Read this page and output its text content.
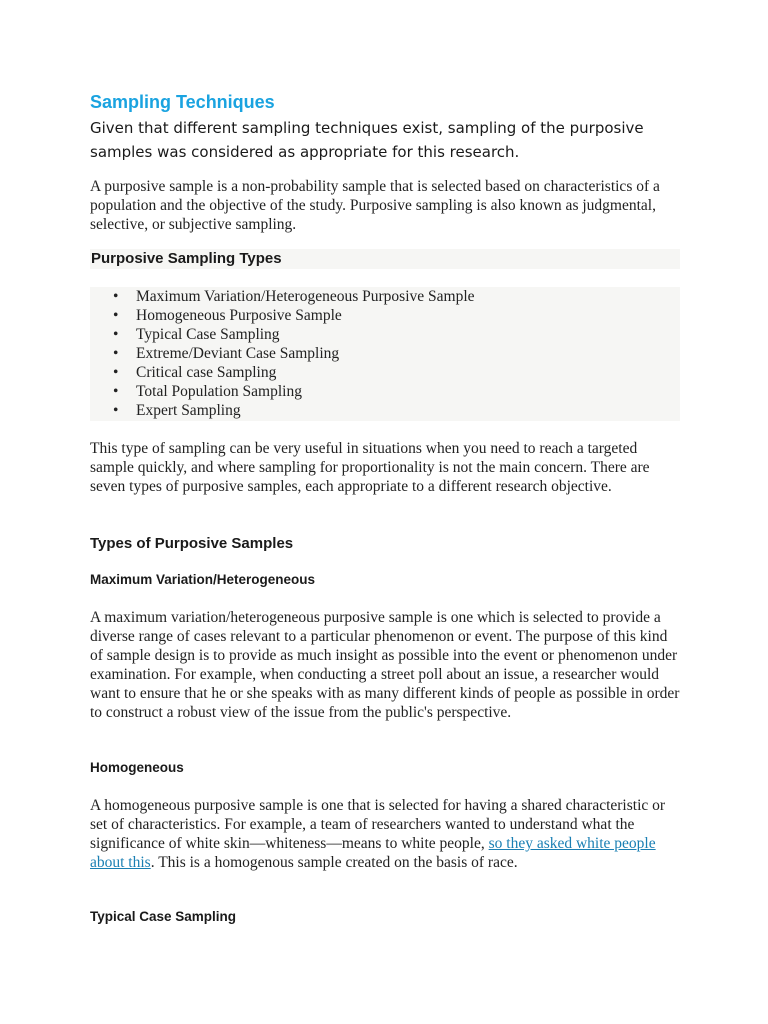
Sampling Techniques

Given that different sampling techniques exist, sampling of the purposive samples was considered as appropriate for this research.

A purposive sample is a non-probability sample that is selected based on characteristics of a population and the objective of the study. Purposive sampling is also known as judgmental, selective, or subjective sampling.

Purposive Sampling Types
• Maximum Variation/Heterogeneous Purposive Sample
• Homogeneous Purposive Sample
• Typical Case Sampling
• Extreme/Deviant Case Sampling
• Critical case Sampling
• Total Population Sampling
• Expert Sampling

This type of sampling can be very useful in situations when you need to reach a targeted sample quickly, and where sampling for proportionality is not the main concern. There are seven types of purposive samples, each appropriate to a different research objective.

Types of Purposive Samples
Maximum Variation/Heterogeneous

A maximum variation/heterogeneous purposive sample is one which is selected to provide a diverse range of cases relevant to a particular phenomenon or event. The purpose of this kind of sample design is to provide as much insight as possible into the event or phenomenon under examination. For example, when conducting a street poll about an issue, a researcher would want to ensure that he or she speaks with as many different kinds of people as possible in order to construct a robust view of the issue from the public's perspective.

Homogeneous

A homogeneous purposive sample is one that is selected for having a shared characteristic or set of characteristics. For example, a team of researchers wanted to understand what the significance of white skin—whiteness—means to white people, so they asked white people about this. This is a homogenous sample created on the basis of race.

Typical Case Sampling
